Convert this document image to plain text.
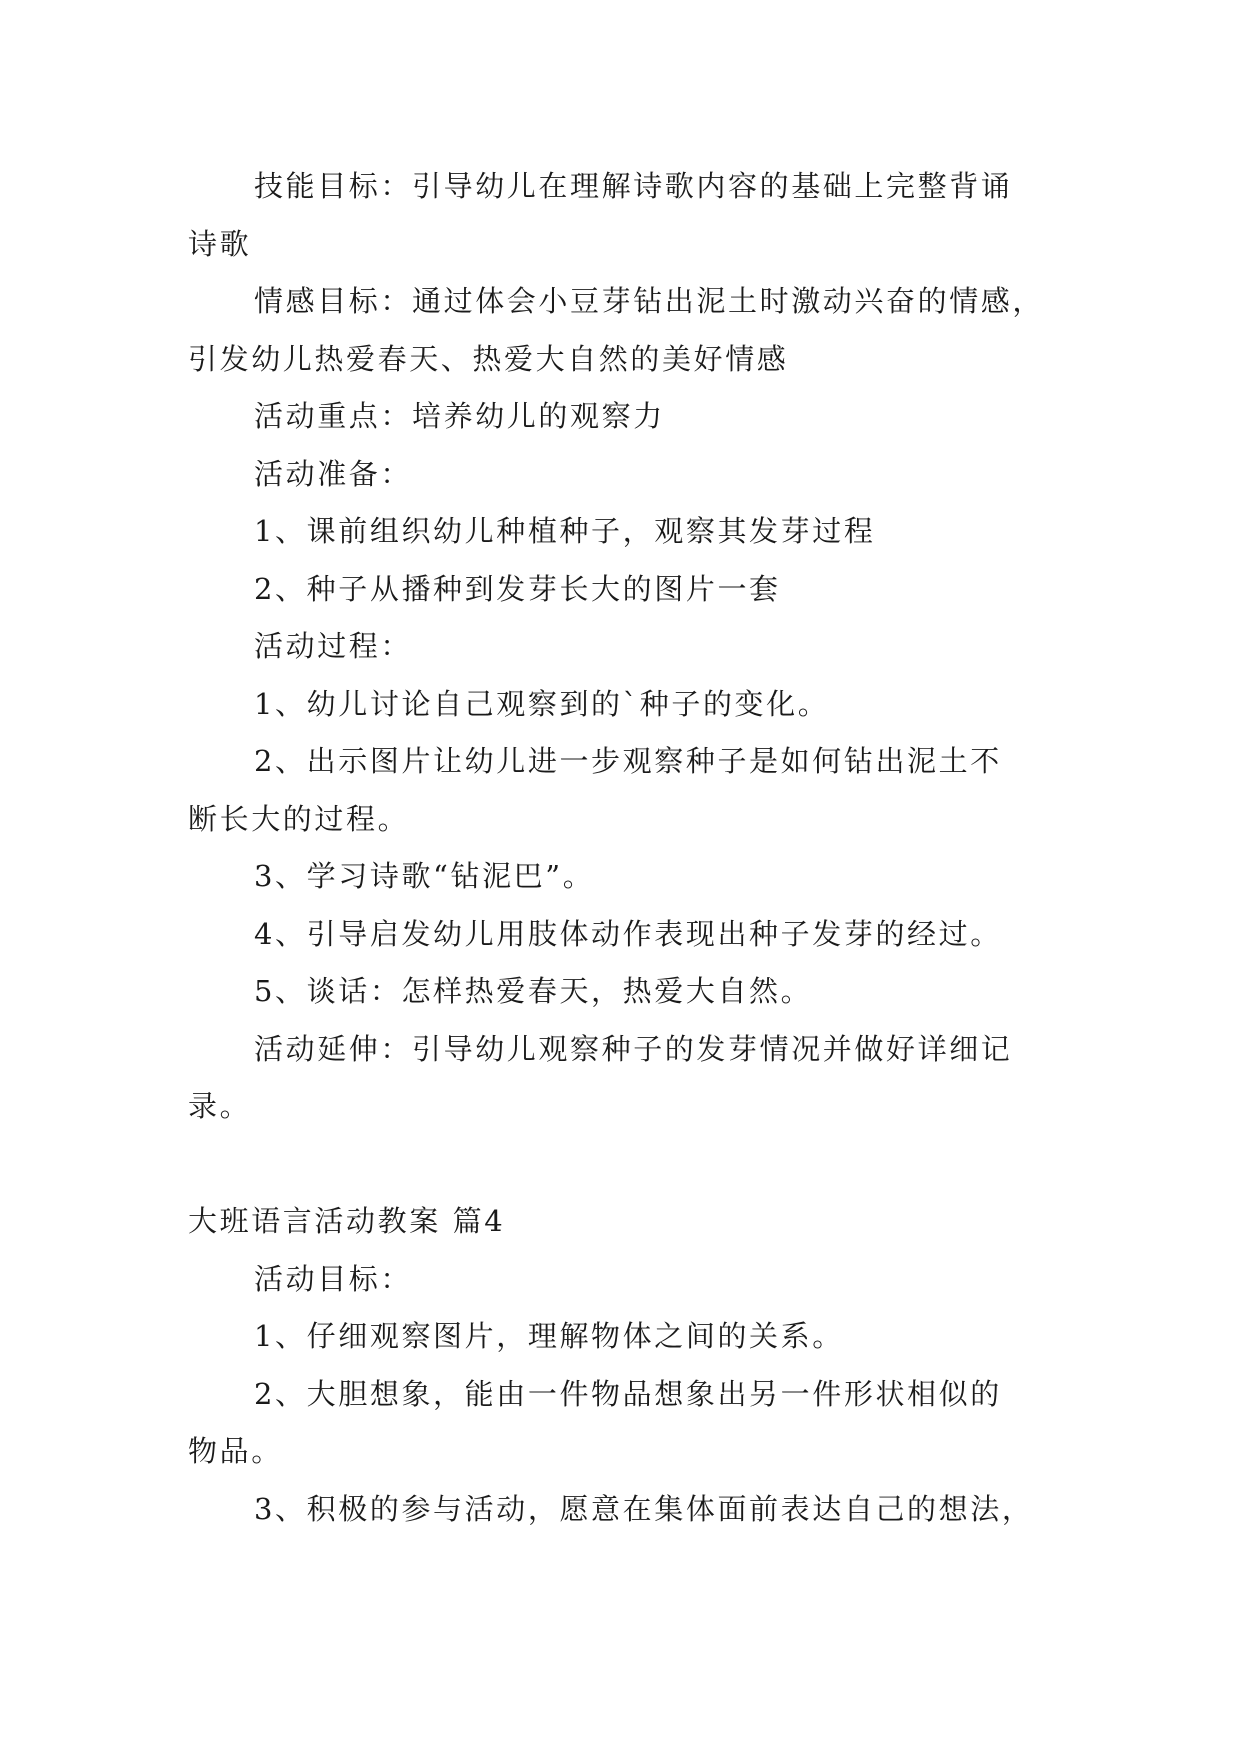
技能目标：引导幼儿在理解诗歌内容的基础上完整背诵

诗歌

情感目标：通过体会小豆芽钻出泥土时激动兴奋的情感，

引发幼儿热爱春天、热爱大自然的美好情感

活动重点：培养幼儿的观察力

活动准备：

1、课前组织幼儿种植种子，观察其发芽过程

2、种子从播种到发芽长大的图片一套

活动过程：

1、幼儿讨论自己观察到的`种子的变化。

2、出示图片让幼儿进一步观察种子是如何钻出泥土不

断长大的过程。

3、学习诗歌“钻泥巴”。

4、引导启发幼儿用肢体动作表现出种子发芽的经过。

5、谈话：怎样热爱春天，热爱大自然。

活动延伸：引导幼儿观察种子的发芽情况并做好详细记

录。

大班语言活动教案 篇4

活动目标：

1、仔细观察图片，理解物体之间的关系。

2、大胆想象，能由一件物品想象出另一件形状相似的

物品。

3、积极的参与活动，愿意在集体面前表达自己的想法，
